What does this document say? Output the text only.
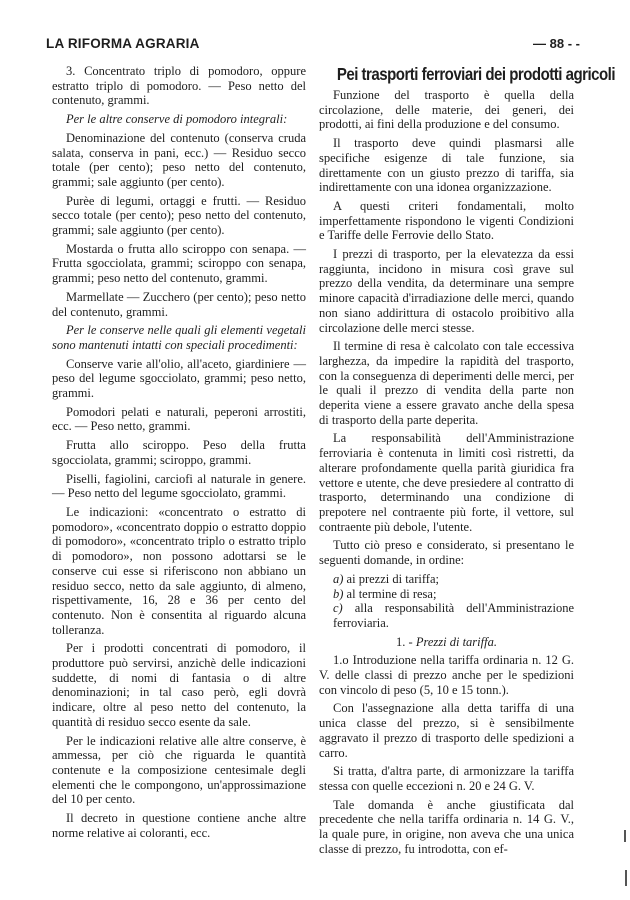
LA RIFORMA AGRARIA	— 88 - -

3. Concentrato triplo di pomodoro, oppure estratto triplo di pomodoro. — Peso netto del contenuto, grammi.

Per le altre conserve di pomodoro integrali:

Denominazione del contenuto (conserva cruda salata, conserva in pani, ecc.) — Residuo secco totale (per cento); peso netto del contenuto, grammi; sale aggiunto (per cento).

Purèe di legumi, ortaggi e frutti. — Residuo secco totale (per cento); peso netto del contenuto, grammi; sale aggiunto (per cento).

Mostarda o frutta allo sciroppo con senapa. — Frutta sgocciolata, grammi; sciroppo con senapa, grammi; peso netto del contenuto, grammi.

Marmellate — Zucchero (per cento); peso netto del contenuto, grammi.

Per le conserve nelle quali gli elementi vegetali sono mantenuti intatti con speciali procedimenti:

Conserve varie all'olio, all'aceto, giardiniere — peso del legume sgocciolato, grammi; peso netto, grammi.

Pomodori pelati e naturali, peperoni arrostiti, ecc. — Peso netto, grammi.

Frutta allo sciroppo. Peso della frutta sgocciolata, grammi; sciroppo, grammi.

Piselli, fagiolini, carciofi al naturale in genere. — Peso netto del legume sgocciolato, grammi.

Le indicazioni: «concentrato o estratto di pomodoro», «concentrato doppio o estratto doppio di pomodoro», «concentrato triplo o estratto triplo di pomodoro», non possono adottarsi se le conserve cui esse si riferiscono non abbiano un residuo secco, netto da sale aggiunto, di almeno, rispettivamente, 16, 28 e 36 per cento del contenuto. Non è consentita al riguardo alcuna tolleranza.

Per i prodotti concentrati di pomodoro, il produttore può servirsi, anzichè delle indicazioni suddette, di nomi di fantasia o di altre denominazioni; in tal caso però, egli dovrà indicare, oltre al peso netto del contenuto, la quantità di residuo secco esente da sale.

Per le indicazioni relative alle altre conserve, è ammessa, per ciò che riguarda le quantità contenute e la composizione centesimale degli elementi che le compongono, un'approssimazione del 10 per cento.

Il decreto in questione contiene anche altre norme relative ai coloranti, ecc.

Pei trasporti ferroviari dei prodotti agricoli

Funzione del trasporto è quella della circolazione, delle materie, dei generi, dei prodotti, ai fini della produzione e del consumo.

Il trasporto deve quindi plasmarsi alle specifiche esigenze di tale funzione, sia direttamente con un giusto prezzo di tariffa, sia indirettamente con una idonea organizzazione.

A questi criteri fondamentali, molto imperfettamente rispondono le vigenti Condizioni e Tariffe delle Ferrovie dello Stato.

I prezzi di trasporto, per la elevatezza da essi raggiunta, incidono in misura così grave sul prezzo della vendita, da determinare una sempre minore capacità d'irradiazione delle merci, quando non siano addirittura di ostacolo proibitivo alla circolazione delle merci stesse.

Il termine di resa è calcolato con tale eccessiva larghezza, da impedire la rapidità del trasporto, con la conseguenza di deperimenti delle merci, per le quali il prezzo di vendita della parte non deperita viene a essere gravato anche della spesa di trasporto della parte deperita.

La responsabilità dell'Amministrazione ferroviaria è contenuta in limiti così ristretti, da alterare profondamente quella parità giuridica fra vettore e utente, che deve presiedere al contratto di trasporto, determinando una condizione di prepotere nel contraente più forte, il vettore, sul contraente più debole, l'utente.

Tutto ciò preso e considerato, si presentano le seguenti domande, in ordine:

a) ai prezzi di tariffa;

b) al termine di resa;

c) alla responsabilità dell'Amministrazione ferroviaria.

1. - Prezzi di tariffa.

1.o Introduzione nella tariffa ordinaria n. 12 G. V. delle classi di prezzo anche per le spedizioni con vincolo di peso (5, 10 e 15 tonn.).

Con l'assegnazione alla detta tariffa di una unica classe del prezzo, si è sensibilmente aggravato il prezzo di trasporto delle spedizioni a carro.

Si tratta, d'altra parte, di armonizzare la tariffa stessa con quelle eccezioni n. 20 e 24 G. V.

Tale domanda è anche giustificata dal precedente che nella tariffa ordinaria n. 14 G. V., la quale pure, in origine, non aveva che una unica classe di prezzo, fu introdotta, con ef-
